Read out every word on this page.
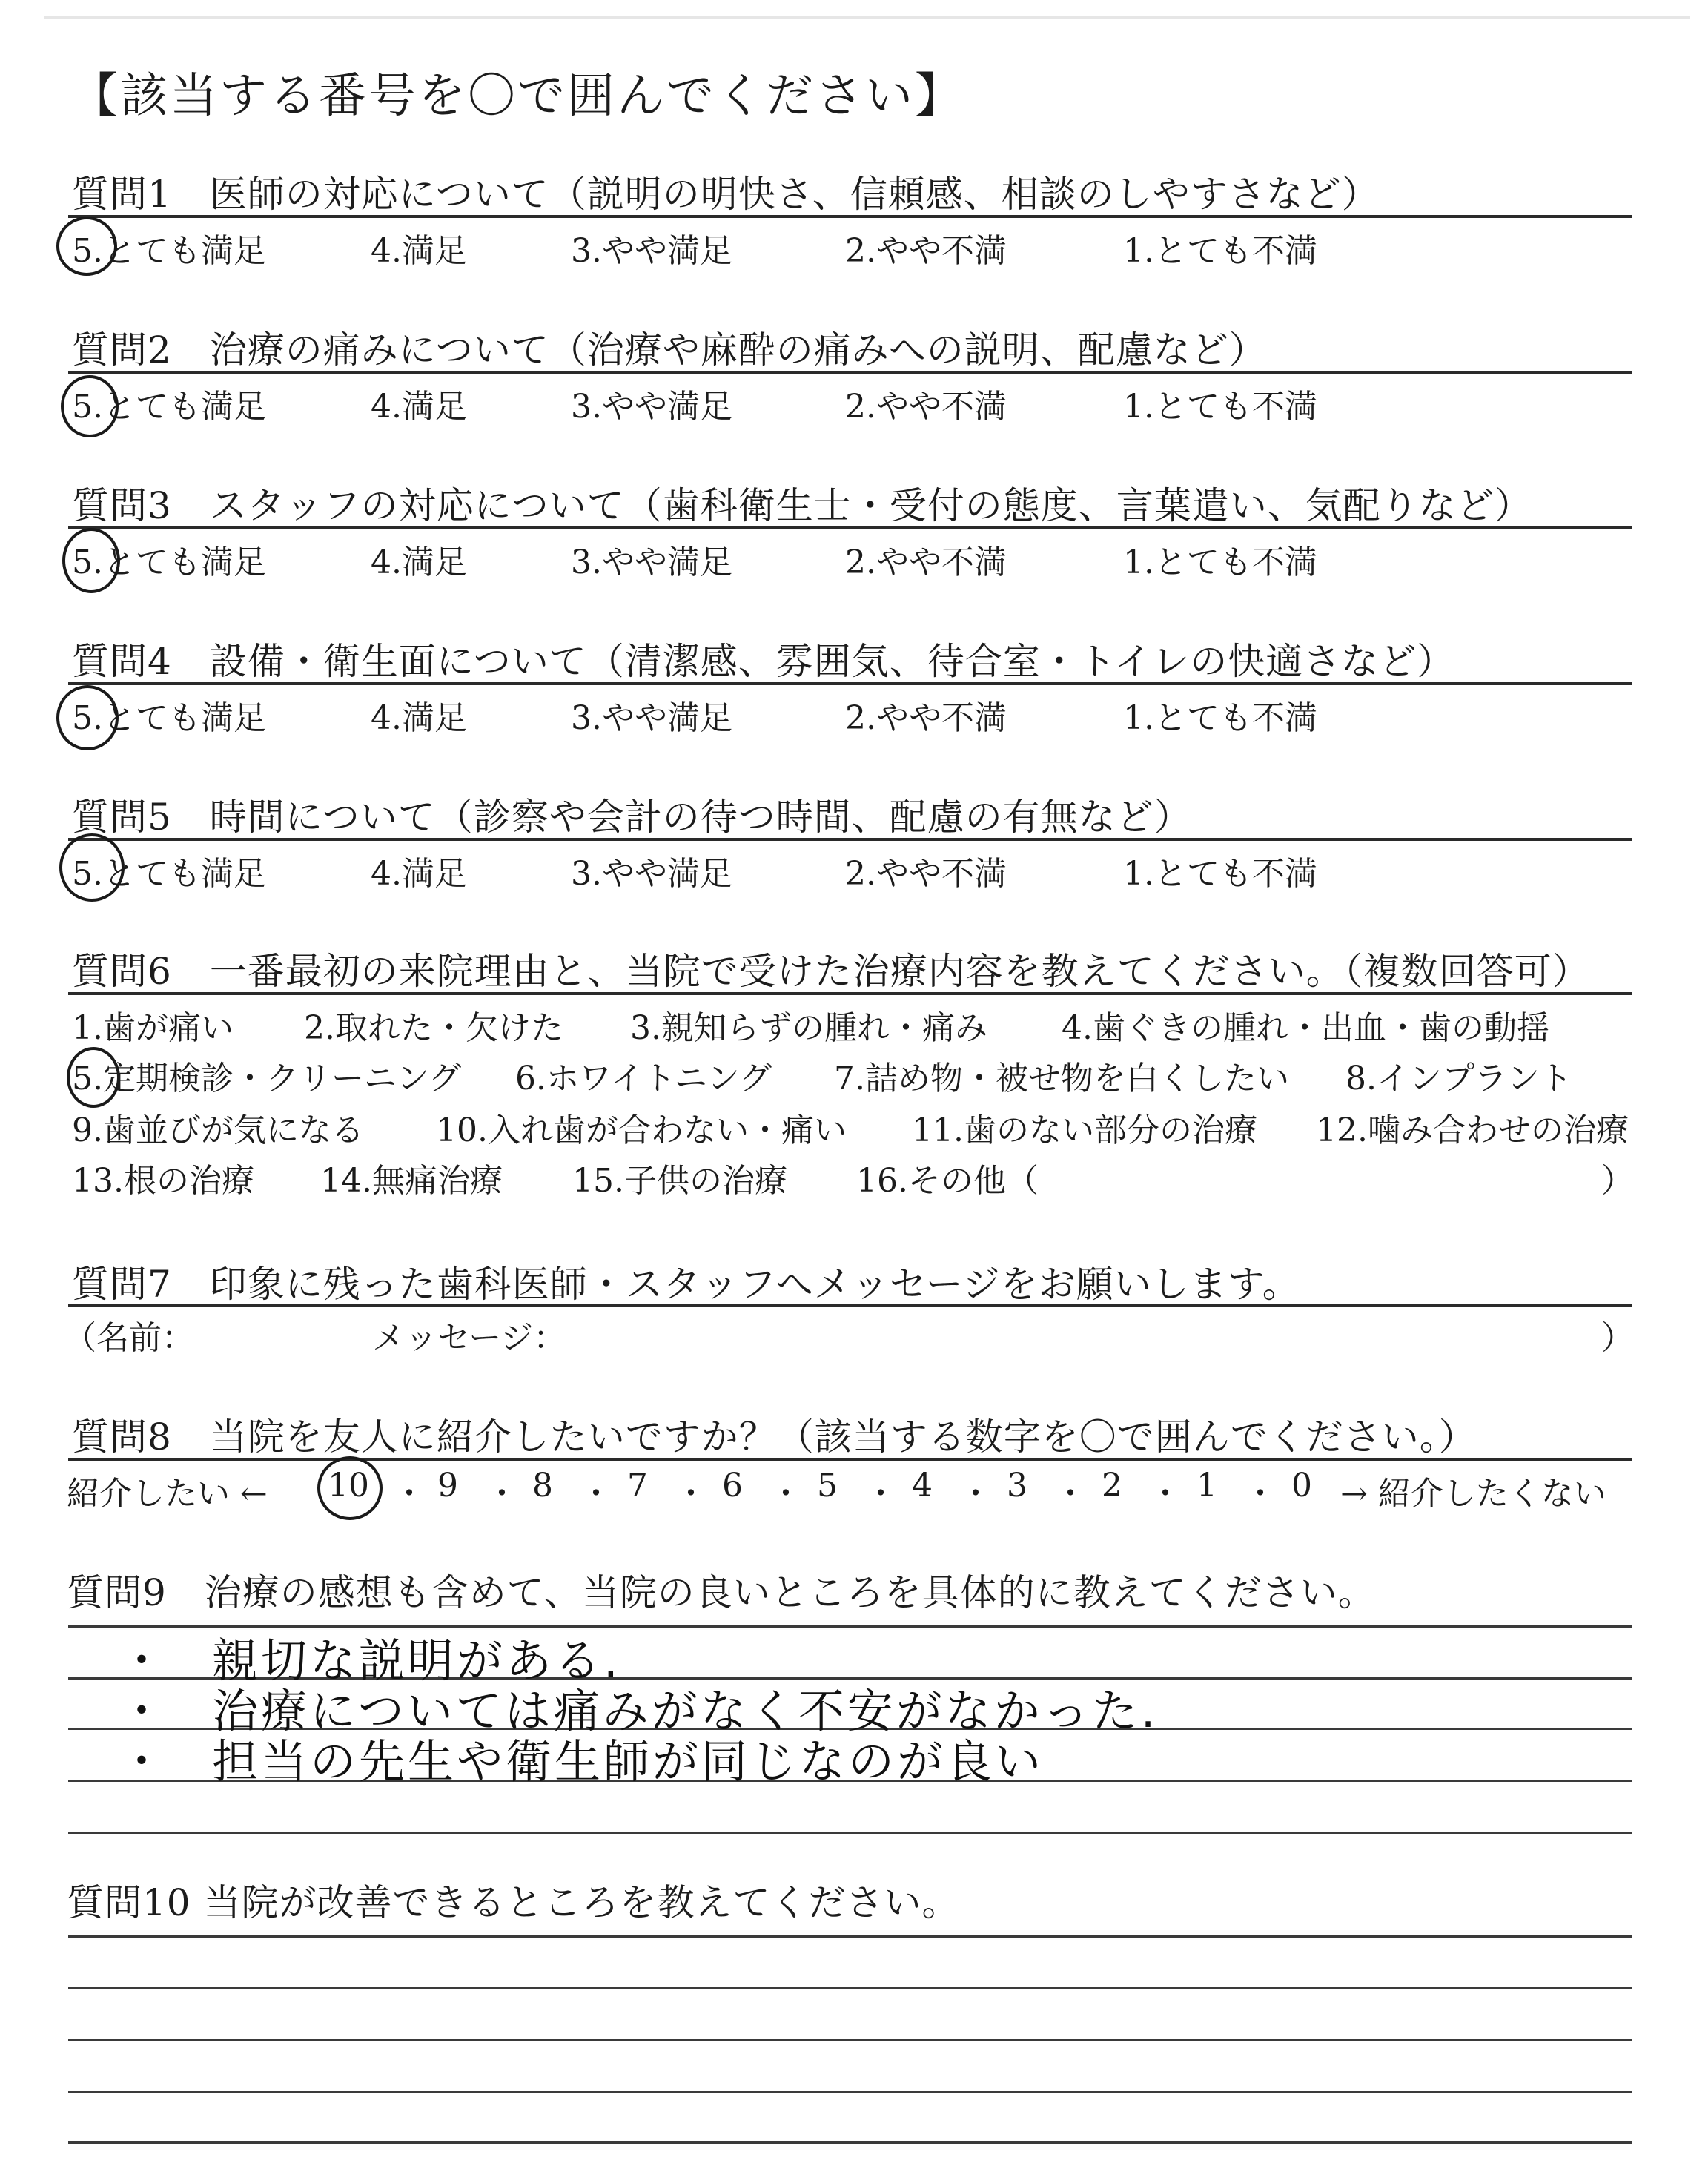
【該当する番号を〇で囲んでください】
質問1　医師の対応について（説明の明快さ、信頼感、相談のしやすさなど）
5.とても満足	4.満足	3.やや満足	2.やや不満	1.とても不満
質問2　治療の痛みについて（治療や麻酔の痛みへの説明、配慮など）
5.とても満足	4.満足	3.やや満足	2.やや不満	1.とても不満
質問3　スタッフの対応について（歯科衛生士・受付の態度、言葉遣い、気配りなど）
5.とても満足	4.満足	3.やや満足	2.やや不満	1.とても不満
質問4　設備・衛生面について（清潔感、雰囲気、待合室・トイレの快適さなど）
5.とても満足	4.満足	3.やや満足	2.やや不満	1.とても不満
質問5　時間について（診察や会計の待つ時間、配慮の有無など）
5.とても満足	4.満足	3.やや満足	2.やや不満	1.とても不満
質問6　一番最初の来院理由と、当院で受けた治療内容を教えてください。（複数回答可）
1.歯が痛い 2.取れた・欠けた 3.親知らずの腫れ・痛み 4.歯ぐきの腫れ・出血・歯の動揺
5.定期検診・クリーニング 6.ホワイトニング 7.詰め物・被せ物を白くしたい 8.インプラント
9.歯並びが気になる 10.入れ歯が合わない・痛い 11.歯のない部分の治療 12.噛み合わせの治療
13.根の治療 14.無痛治療 15.子供の治療 16.その他（	）
質問7　印象に残った歯科医師・スタッフへメッセージをお願いします。
（名前：	メッセージ：	）
質問8　当院を友人に紹介したいですか？（該当する数字を〇で囲んでください。）
紹介したい ← 10 ・ 9 ・ 8 ・ 7 ・ 6 ・ 5 ・ 4 ・ 3 ・ 2 ・ 1 ・ 0 → 紹介したくない
質問9　治療の感想も含めて、当院の良いところを具体的に教えてください。
・ 親切な説明がある.
・ 治療については痛みがなく不安がなかった.
・ 担当の先生や衛生師が同じなのが良い
質問10 当院が改善できるところを教えてください。
